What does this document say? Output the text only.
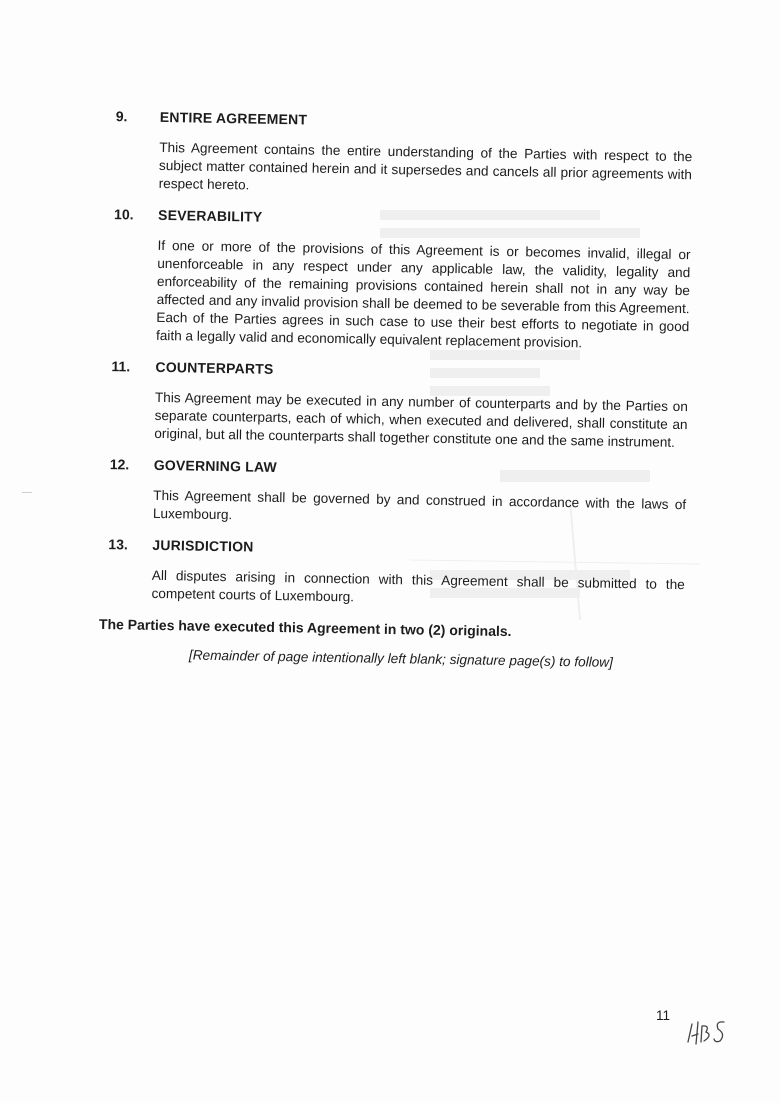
9.	ENTIRE AGREEMENT
This Agreement contains the entire understanding of the Parties with respect to the subject matter contained herein and it supersedes and cancels all prior agreements with respect hereto.
10.	SEVERABILITY
If one or more of the provisions of this Agreement is or becomes invalid, illegal or unenforceable in any respect under any applicable law, the validity, legality and enforceability of the remaining provisions contained herein shall not in any way be affected and any invalid provision shall be deemed to be severable from this Agreement. Each of the Parties agrees in such case to use their best efforts to negotiate in good faith a legally valid and economically equivalent replacement provision.
11.	COUNTERPARTS
This Agreement may be executed in any number of counterparts and by the Parties on separate counterparts, each of which, when executed and delivered, shall constitute an original, but all the counterparts shall together constitute one and the same instrument.
12.	GOVERNING LAW
This Agreement shall be governed by and construed in accordance with the laws of Luxembourg.
13.	JURISDICTION
All disputes arising in connection with this Agreement shall be submitted to the competent courts of Luxembourg.
The Parties have executed this Agreement in two (2) originals.
[Remainder of page intentionally left blank; signature page(s) to follow]
11
